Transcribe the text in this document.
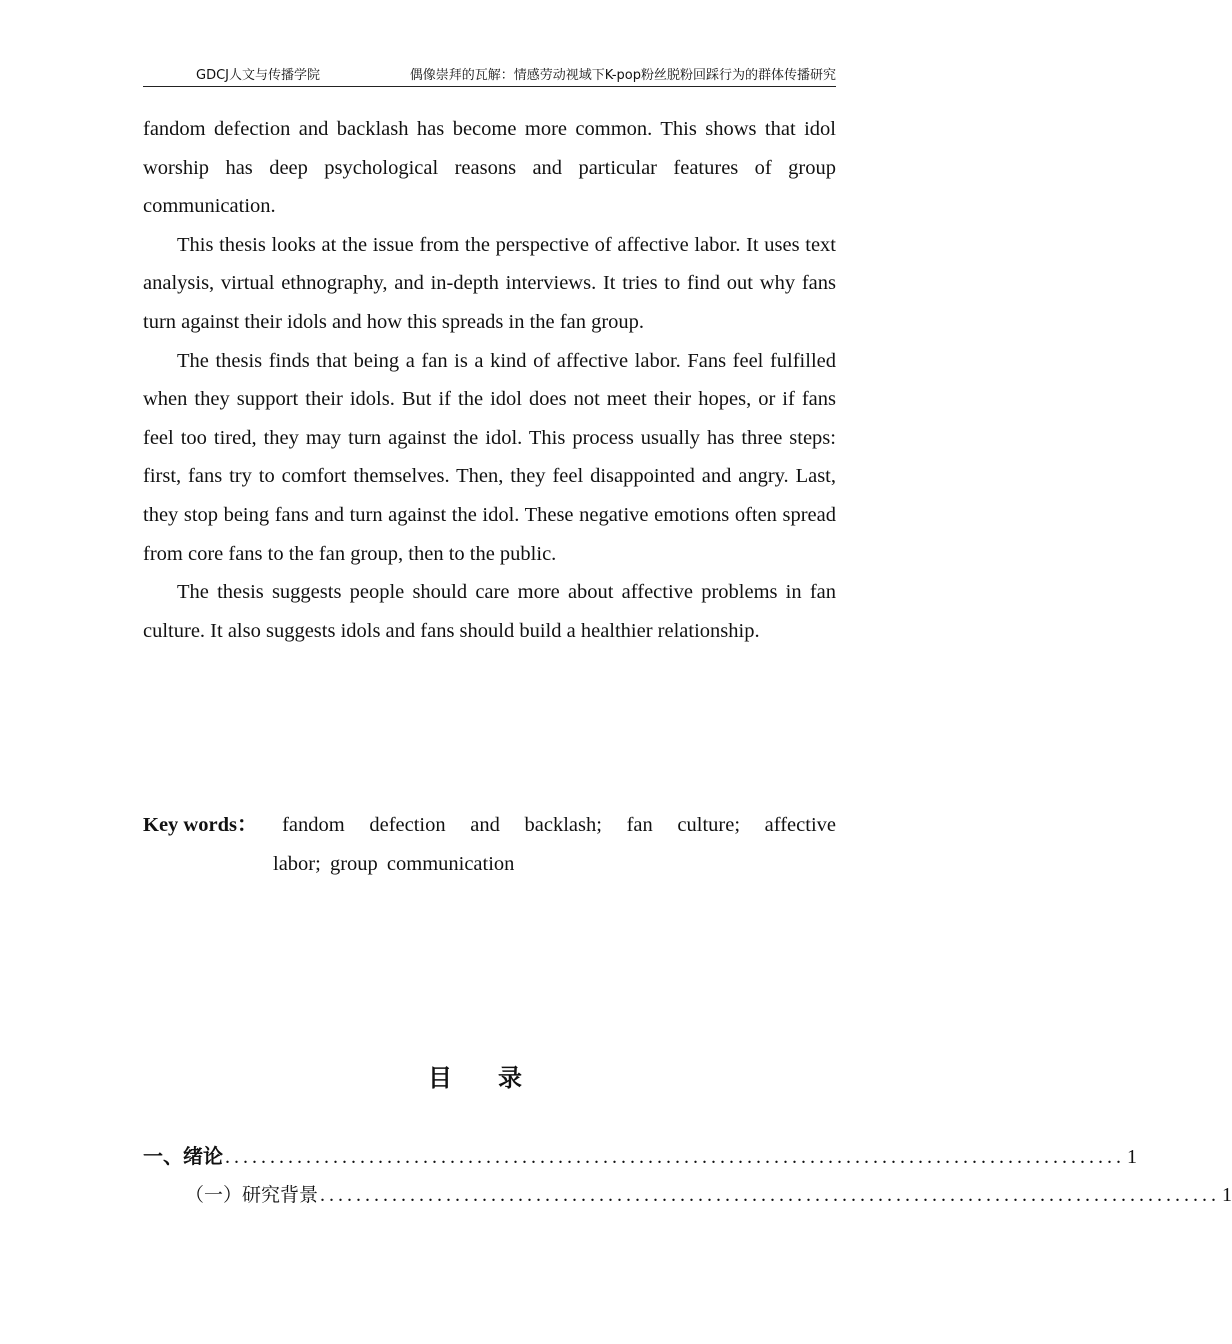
GDCJ人文与传播学院	偶像崇拜的瓦解：情感劳动视域下K-pop粉丝脱粉回踩行为的群体传播研究

fandom defection and backlash has become more common. This shows that idol worship has deep psychological reasons and particular features of group communication.

This thesis looks at the issue from the perspective of affective labor. It uses text analysis, virtual ethnography, and in-depth interviews. It tries to find out why fans turn against their idols and how this spreads in the fan group.

The thesis finds that being a fan is a kind of affective labor. Fans feel fulfilled when they support their idols. But if the idol does not meet their hopes, or if fans feel too tired, they may turn against the idol. This process usually has three steps: first, fans try to comfort themselves. Then, they feel disappointed and angry. Last, they stop being fans and turn against the idol. These negative emotions often spread from core fans to the fan group, then to the public.

The thesis suggests people should care more about affective problems in fan culture. It also suggests idols and fans should build a healthier relationship.

Key words： fandom defection and backlash; fan culture; affective
labor; group communication
目录
一、绪论 .................................................................................................... 1
（一）研究背景 .................................................................................................... 1
